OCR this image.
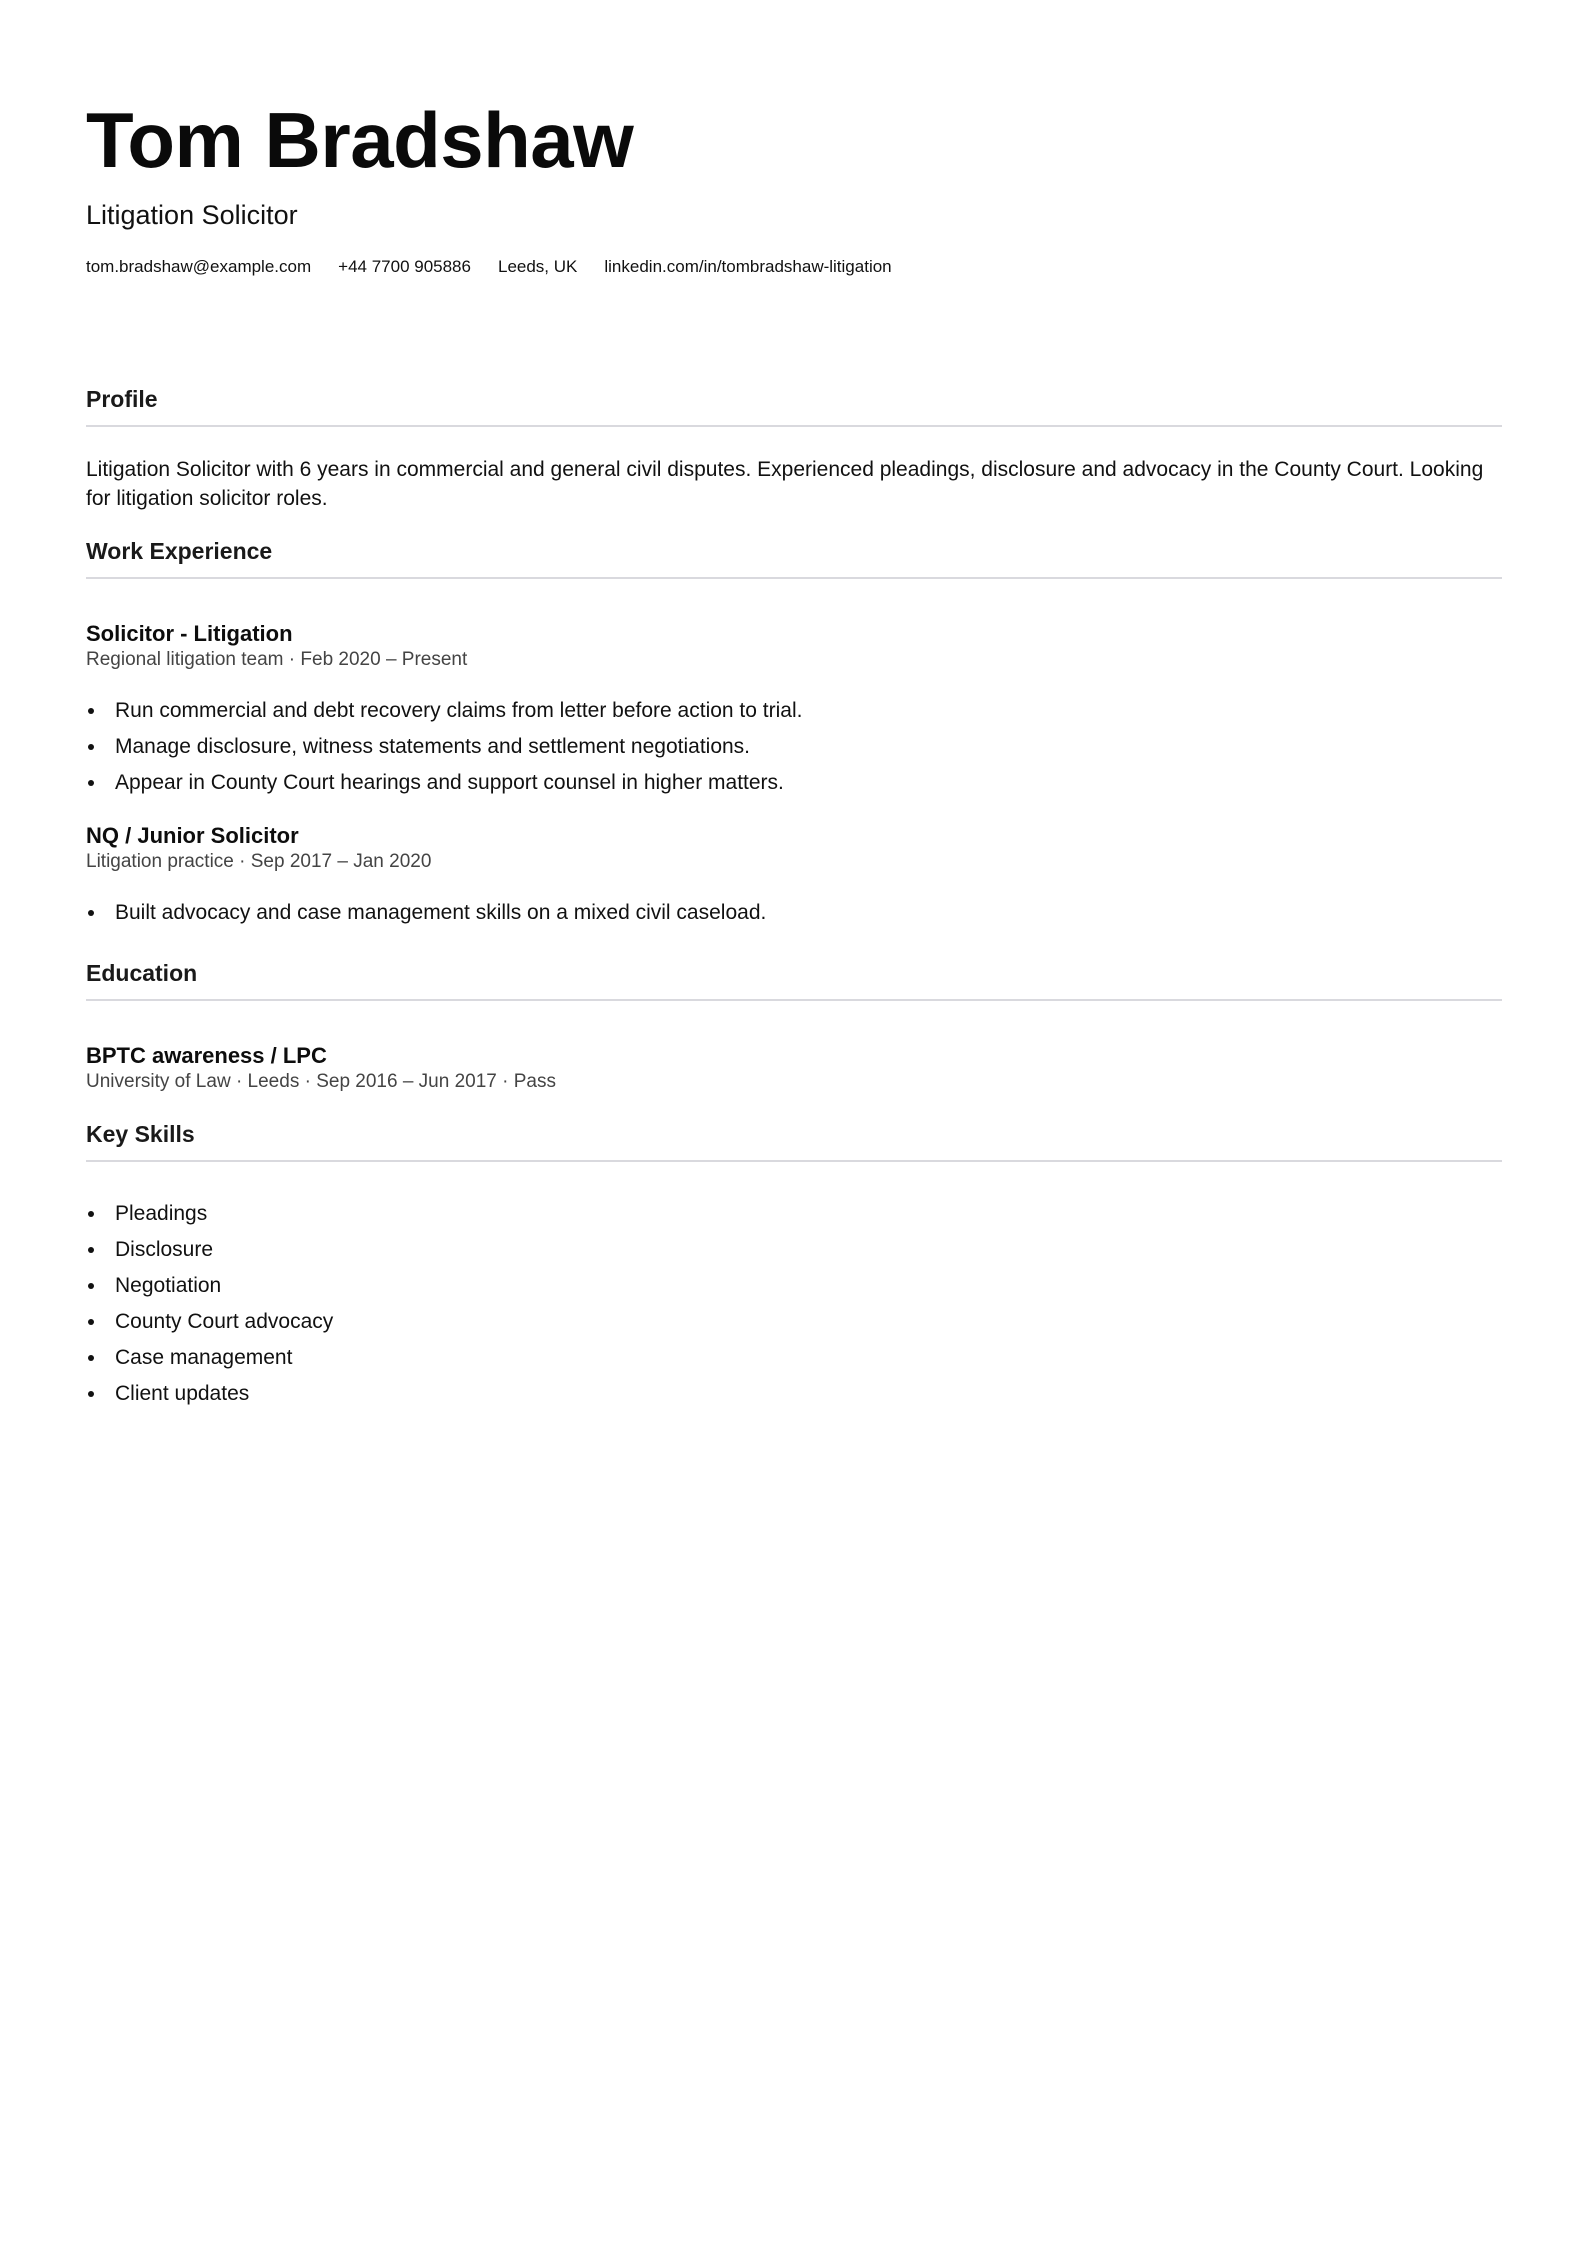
Tom Bradshaw
Litigation Solicitor
tom.bradshaw@example.com +44 7700 905886 Leeds, UK linkedin.com/in/tombradshaw-litigation
Profile
Litigation Solicitor with 6 years in commercial and general civil disputes. Experienced pleadings, disclosure and advocacy in the County Court. Looking for litigation solicitor roles.
Work Experience
Solicitor - Litigation
Regional litigation team · Feb 2020 – Present
Run commercial and debt recovery claims from letter before action to trial.
Manage disclosure, witness statements and settlement negotiations.
Appear in County Court hearings and support counsel in higher matters.
NQ / Junior Solicitor
Litigation practice · Sep 2017 – Jan 2020
Built advocacy and case management skills on a mixed civil caseload.
Education
BPTC awareness / LPC
University of Law · Leeds · Sep 2016 – Jun 2017 · Pass
Key Skills
Pleadings
Disclosure
Negotiation
County Court advocacy
Case management
Client updates
